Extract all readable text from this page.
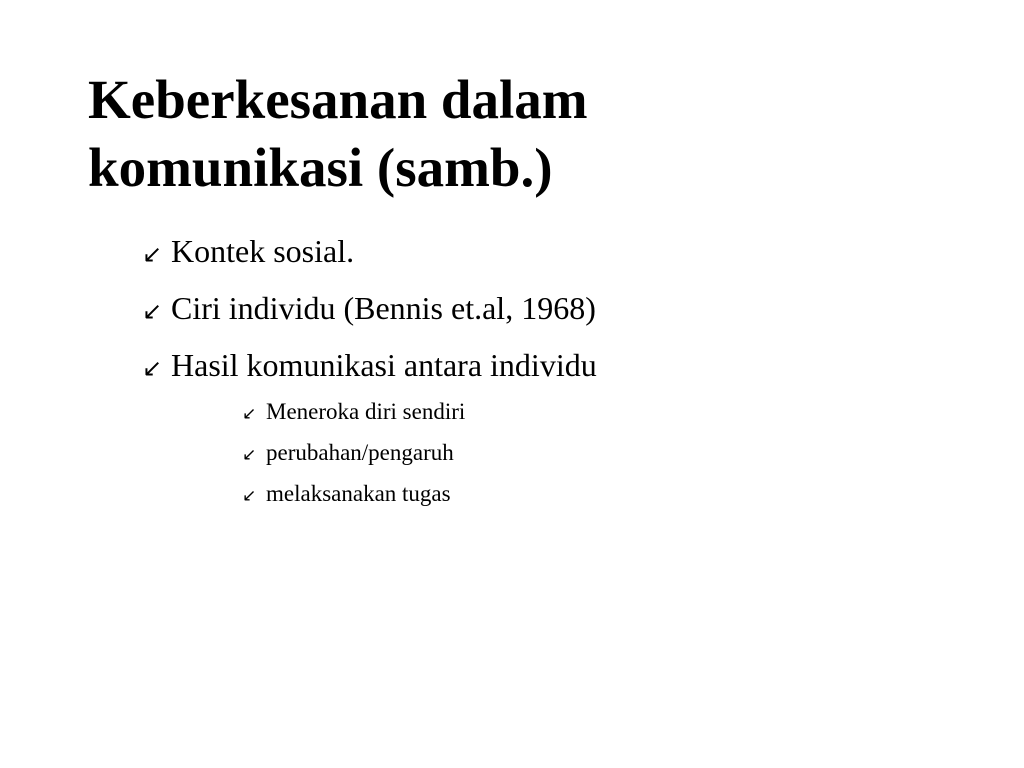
Keberkesanan dalam
komunikasi (samb.)
↙ Kontek sosial.
↙ Ciri individu (Bennis et.al, 1968)
↙ Hasil komunikasi antara individu
↙ Meneroka diri sendiri
↙ perubahan/pengaruh
↙ melaksanakan tugas
